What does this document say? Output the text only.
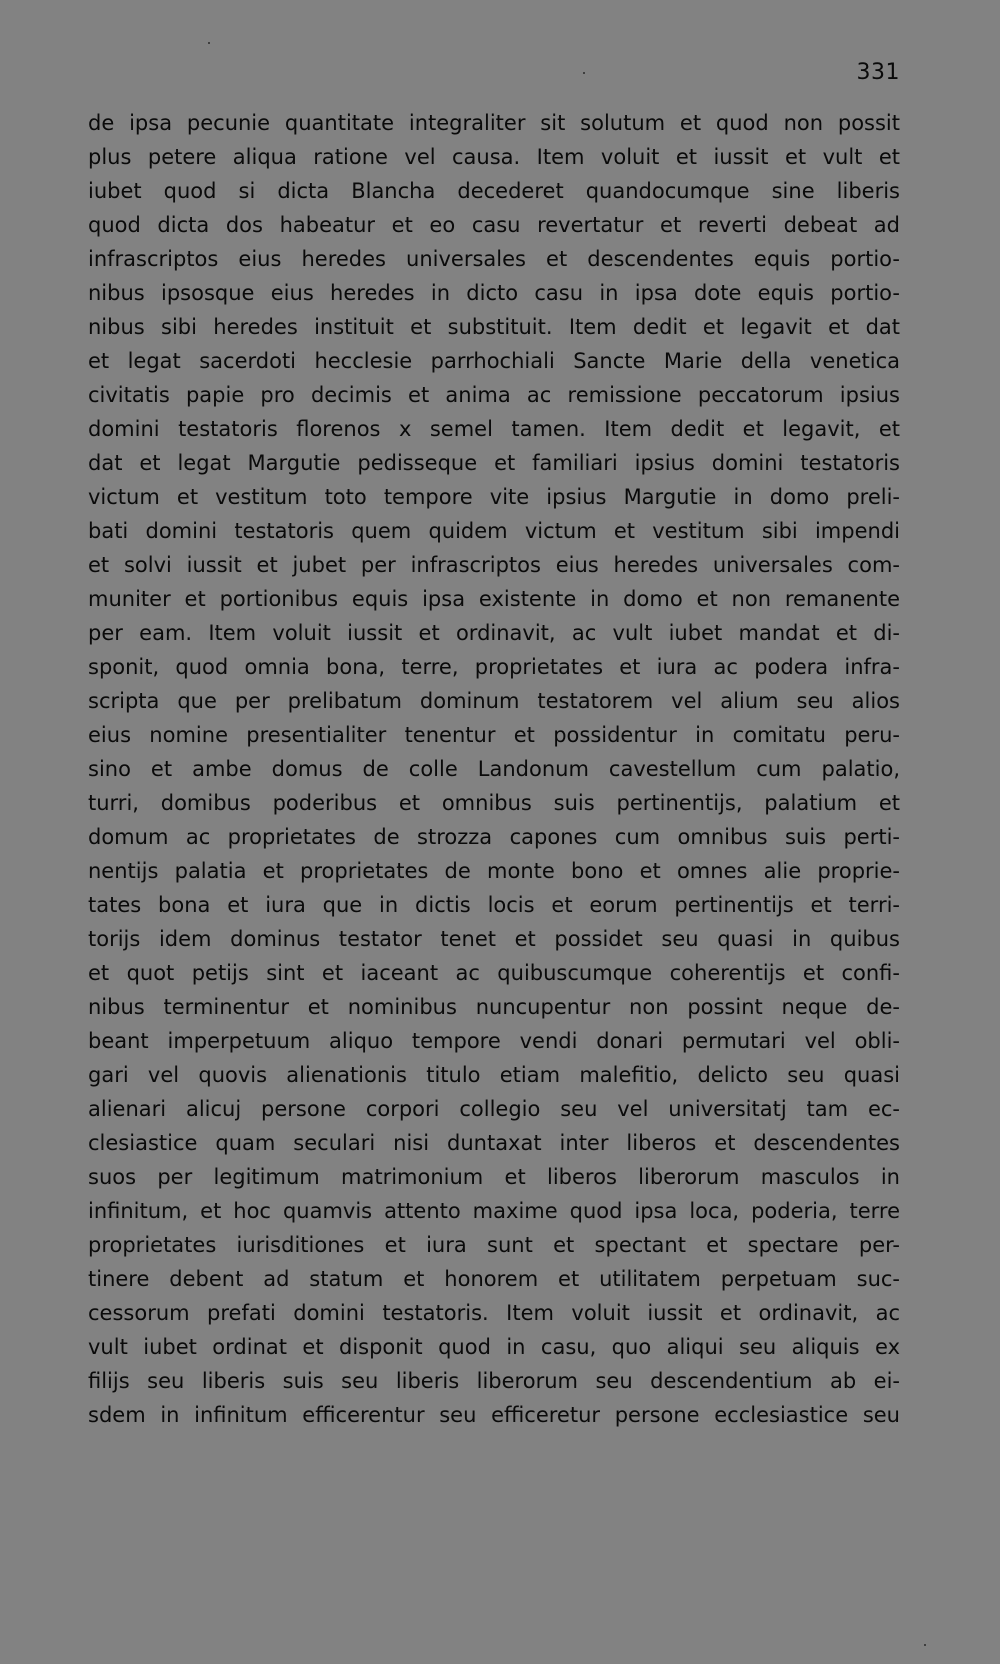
331
de ipsa pecunie quantitate integraliter sit solutum et quod non possit
plus petere aliqua ratione vel causa. Item voluit et iussit et vult et
iubet quod si dicta Blancha decederet quandocumque sine liberis
quod dicta dos habeatur et eo casu revertatur et reverti debeat ad
infrascriptos eius heredes universales et descendentes equis portio-
nibus ipsosque eius heredes in dicto casu in ipsa dote equis portio-
nibus sibi heredes instituit et substituit. Item dedit et legavit et dat
et legat sacerdoti hecclesie parrhochiali Sancte Marie della venetica
civitatis papie pro decimis et anima ac remissione peccatorum ipsius
domini testatoris florenos x semel tamen. Item dedit et legavit, et
dat et legat Margutie pedisseque et familiari ipsius domini testatoris
victum et vestitum toto tempore vite ipsius Margutie in domo preli-
bati domini testatoris quem quidem victum et vestitum sibi impendi
et solvi iussit et jubet per infrascriptos eius heredes universales com-
muniter et portionibus equis ipsa existente in domo et non remanente
per eam. Item voluit iussit et ordinavit, ac vult iubet mandat et di-
sponit, quod omnia bona, terre, proprietates et iura ac podera infra-
scripta que per prelibatum dominum testatorem vel alium seu alios
eius nomine presentialiter tenentur et possidentur in comitatu peru-
sino et ambe domus de colle Landonum cavestellum cum palatio,
turri, domibus poderibus et omnibus suis pertinentijs, palatium et
domum ac proprietates de strozza capones cum omnibus suis perti-
nentijs palatia et proprietates de monte bono et omnes alie proprie-
tates bona et iura que in dictis locis et eorum pertinentijs et terri-
torijs idem dominus testator tenet et possidet seu quasi in quibus
et quot petijs sint et iaceant ac quibuscumque coherentijs et confi-
nibus terminentur et nominibus nuncupentur non possint neque de-
beant imperpetuum aliquo tempore vendi donari permutari vel obli-
gari vel quovis alienationis titulo etiam malefitio, delicto seu quasi
alienari alicuj persone corpori collegio seu vel universitatj tam ec-
clesiastice quam seculari nisi duntaxat inter liberos et descendentes
suos per legitimum matrimonium et liberos liberorum masculos in
infinitum, et hoc quamvis attento maxime quod ipsa loca, poderia, terre
proprietates iurisditiones et iura sunt et spectant et spectare per-
tinere debent ad statum et honorem et utilitatem perpetuam suc-
cessorum prefati domini testatoris. Item voluit iussit et ordinavit, ac
vult iubet ordinat et disponit quod in casu, quo aliqui seu aliquis ex
filijs seu liberis suis seu liberis liberorum seu descendentium ab ei-
sdem in infinitum efficerentur seu efficeretur persone ecclesiastice seu
